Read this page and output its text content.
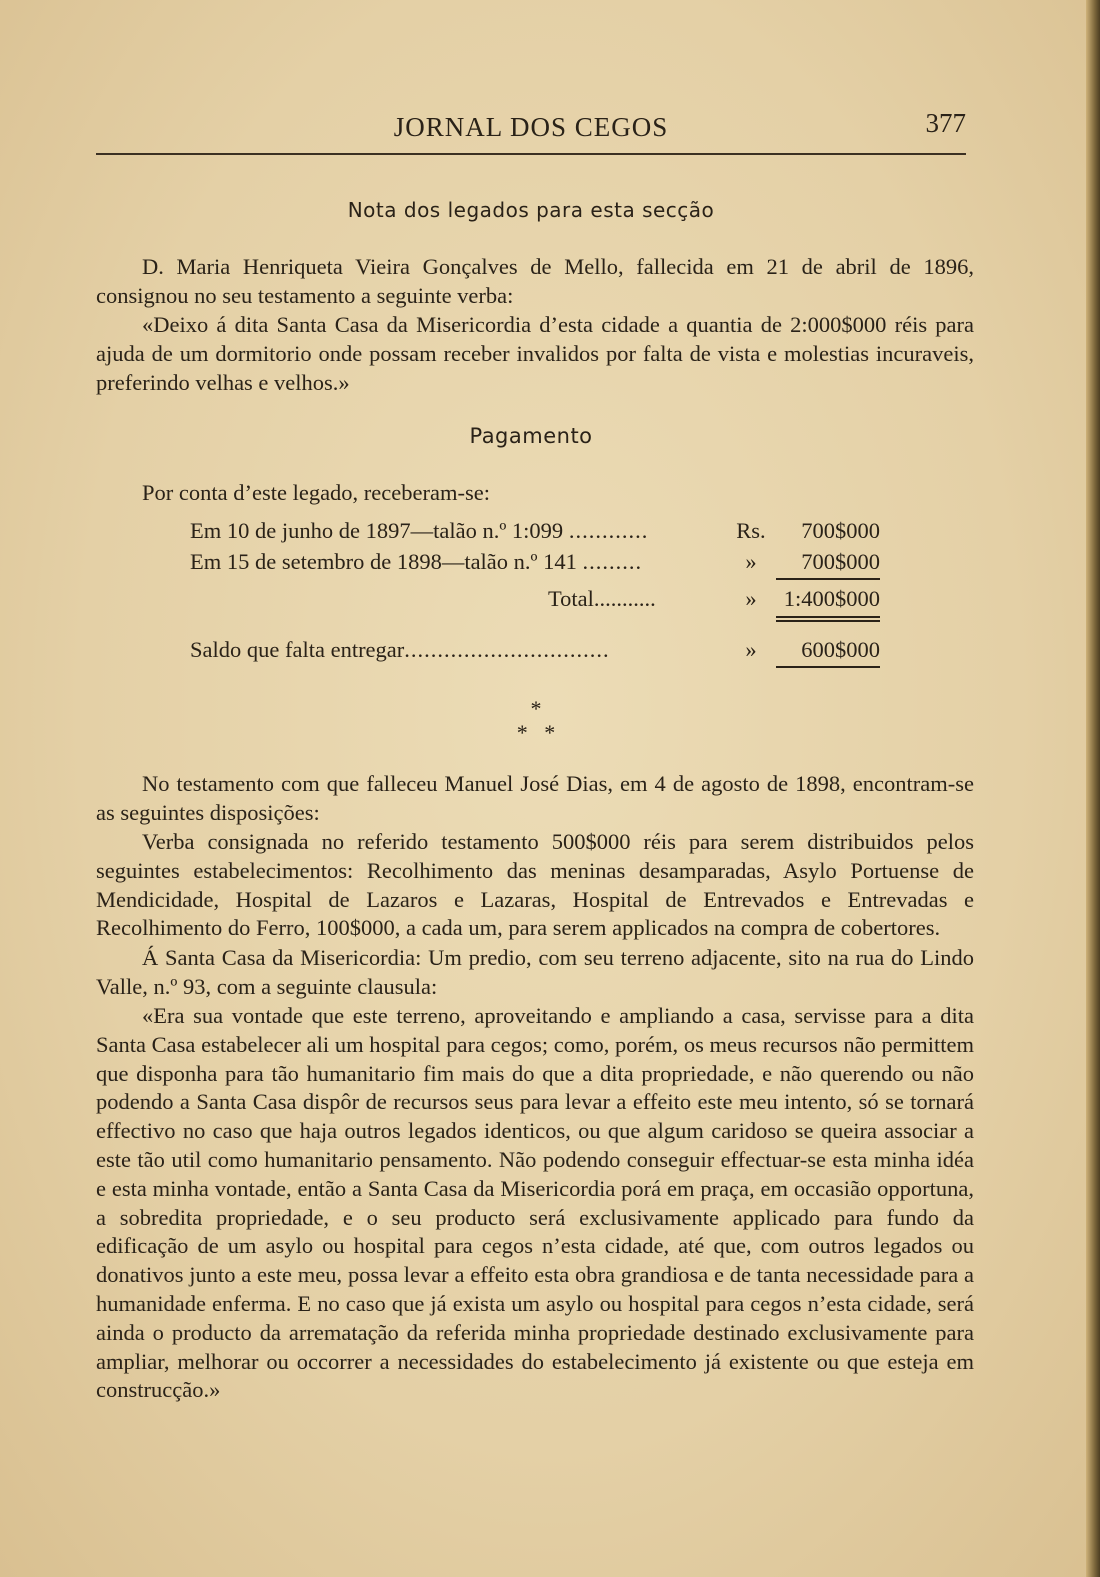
JORNAL DOS CEGOS	377
Nota dos legados para esta secção
D. Maria Henriqueta Vieira Gonçalves de Mello, fallecida em 21 de abril de 1896, consignou no seu testamento a seguinte verba:
«Deixo á dita Santa Casa da Misericordia d’esta cidade a quantia de 2:000$000 réis para ajuda de um dormitorio onde possam receber invalidos por falta de vista e molestias incuraveis, preferindo velhas e velhos.»
Pagamento
Por conta d’este legado, receberam-se:
Em 10 de junho de 1897—talão n.º 1:099 ............	Rs.	700$000
Em 15 de setembro de 1898—talão n.º 141 .........	»	700$000
Total...........	»	1:400$000
Saldo que falta entregar...............................	»	600$000
*
*   *
No testamento com que falleceu Manuel José Dias, em 4 de agosto de 1898, encontram-se as seguintes disposições:
Verba consignada no referido testamento 500$000 réis para serem distribuidos pelos seguintes estabelecimentos: Recolhimento das meninas desamparadas, Asylo Portuense de Mendicidade, Hospital de Lazaros e Lazaras, Hospital de Entrevados e Entrevadas e Recolhimento do Ferro, 100$000, a cada um, para serem applicados na compra de cobertores.
Á Santa Casa da Misericordia: Um predio, com seu terreno adjacente, sito na rua do Lindo Valle, n.º 93, com a seguinte clausula:
«Era sua vontade que este terreno, aproveitando e ampliando a casa, servisse para a dita Santa Casa estabelecer ali um hospital para cegos; como, porém, os meus recursos não permittem que disponha para tão humanitario fim mais do que a dita propriedade, e não querendo ou não podendo a Santa Casa dispôr de recursos seus para levar a effeito este meu intento, só se tornará effectivo no caso que haja outros legados identicos, ou que algum caridoso se queira associar a este tão util como humanitario pensamento. Não podendo conseguir effectuar-se esta minha idéa e esta minha vontade, então a Santa Casa da Misericordia porá em praça, em occasião opportuna, a sobredita propriedade, e o seu producto será exclusivamente applicado para fundo da edificação de um asylo ou hospital para cegos n’esta cidade, até que, com outros legados ou donativos junto a este meu, possa levar a effeito esta obra grandiosa e de tanta necessidade para a humanidade enferma. E no caso que já exista um asylo ou hospital para cegos n’esta cidade, será ainda o producto da arrematação da referida minha propriedade destinado exclusivamente para ampliar, melhorar ou occorrer a necessidades do estabelecimento já existente ou que esteja em construcção.»
